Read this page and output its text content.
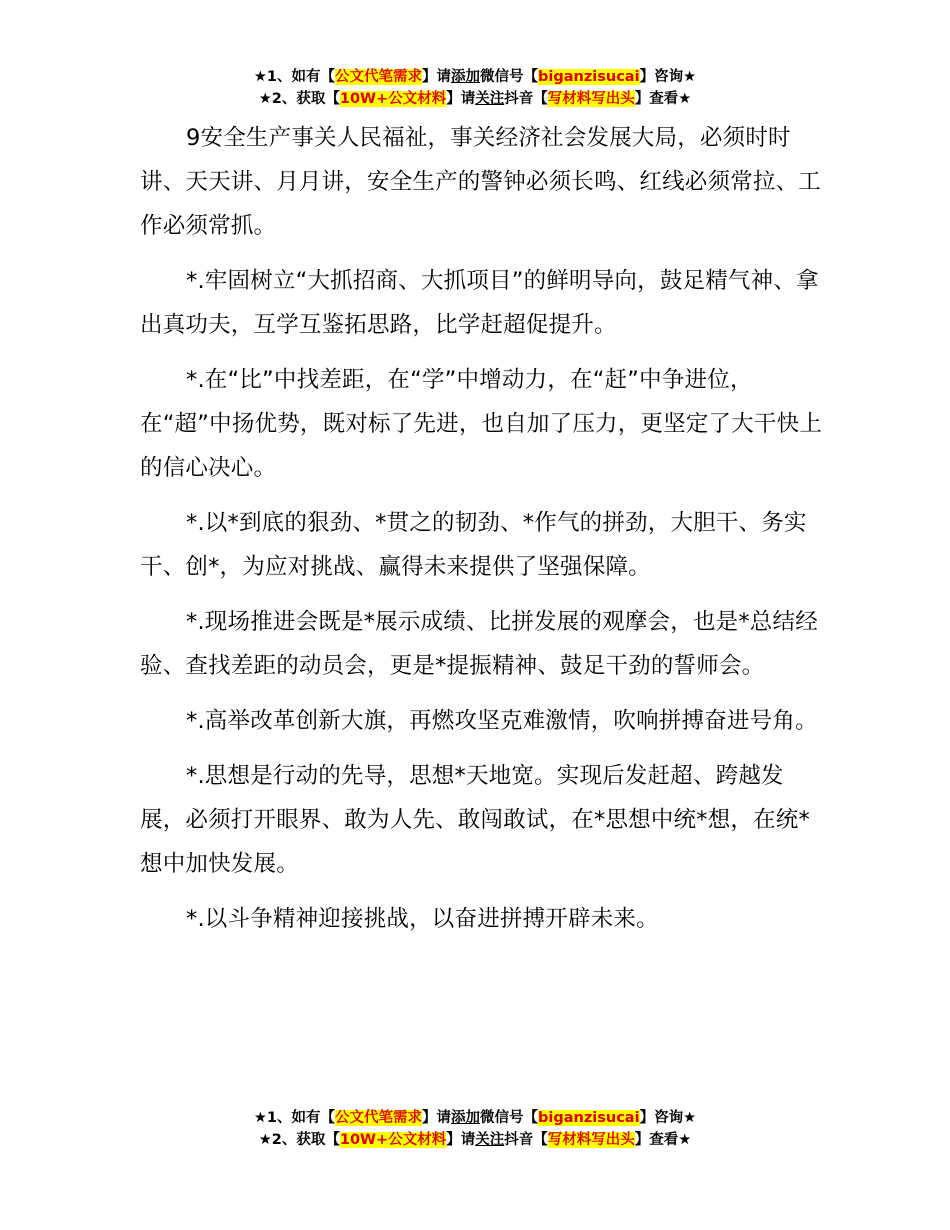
★1、如有【公文代笔需求】请添加微信号【biganzisucai】咨询★
★2、获取【10W+公文材料】请关注抖音【写材料写出头】查看★

9安全生产事关人民福祉，事关经济社会发展大局，必须时时讲、天天讲、月月讲，安全生产的警钟必须长鸣、红线必须常拉、工作必须常抓。

*.牢固树立“大抓招商、大抓项目”的鲜明导向，鼓足精气神、拿出真功夫，互学互鉴拓思路，比学赶超促提升。

*.在“比”中找差距，在“学”中增动力，在“赶”中争进位，在“超”中扬优势，既对标了先进，也自加了压力，更坚定了大干快上的信心决心。

*.以*到底的狠劲、*贯之的韧劲、*作气的拼劲，大胆干、务实干、创*，为应对挑战、赢得未来提供了坚强保障。

*.现场推进会既是*展示成绩、比拼发展的观摩会，也是*总结经验、查找差距的动员会，更是*提振精神、鼓足干劲的誓师会。

*.高举改革创新大旗，再燃攻坚克难激情，吹响拼搏奋进号角。

*.思想是行动的先导，思想*天地宽。实现后发赶超、跨越发展，必须打开眼界、敢为人先、敢闯敢试，在*思想中统*想，在统*想中加快发展。

*.以斗争精神迎接挑战，以奋进拼搏开辟未来。

★1、如有【公文代笔需求】请添加微信号【biganzisucai】咨询★
★2、获取【10W+公文材料】请关注抖音【写材料写出头】查看★
